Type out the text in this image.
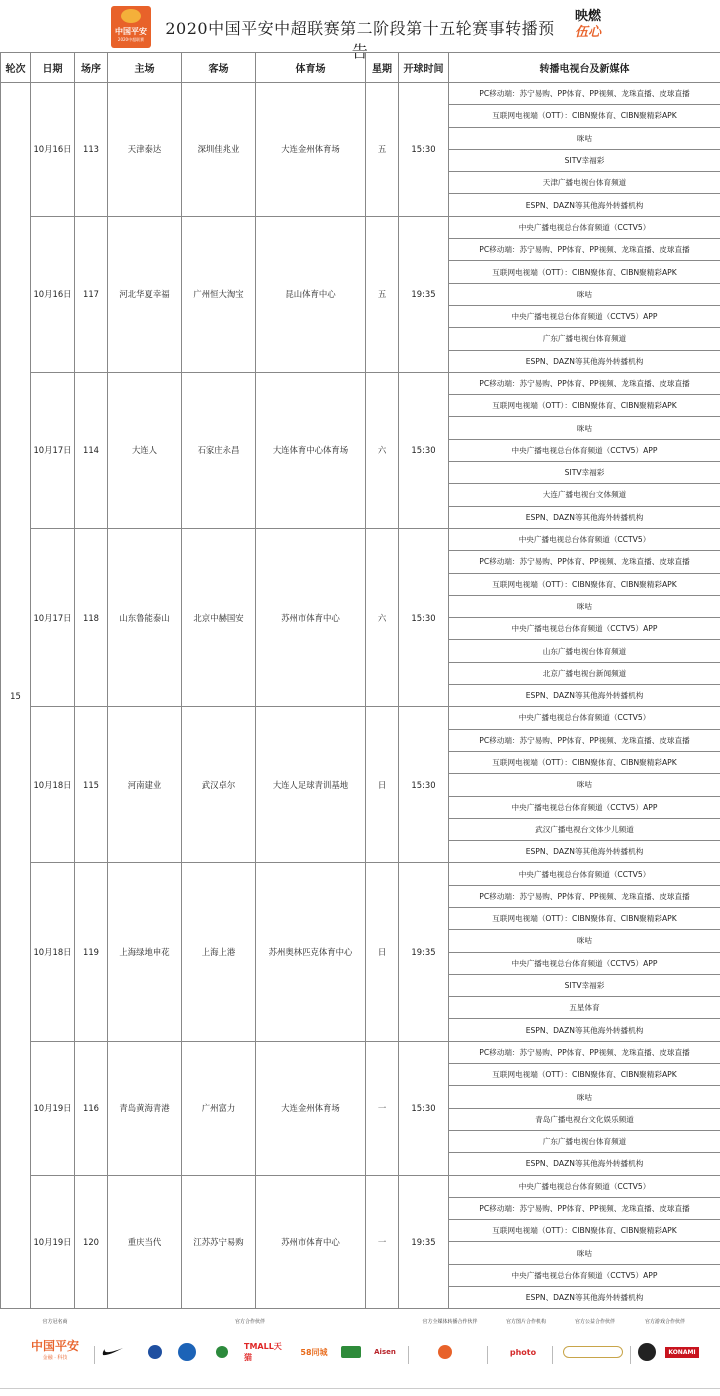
中国平安
2020中超联赛
2020中国平安中超联赛第二阶段第十五轮赛事转播预告
映燃
伍心
轮次	日期	场序	主场	客场	体育场	星期	开球时间	转播电视台及新媒体
15	10月16日	113	天津泰达	深圳佳兆业	大连金州体育场	五	15:30	PC移动端：苏宁易购、PP体育、PP视频、龙珠直播、皮球直播
								互联网电视端（OTT）：CIBN聚体育、CIBN聚精彩APK
								咪咕
								SITV幸福彩
								天津广播电视台体育频道
								ESPN、DAZN等其他海外转播机构
	10月16日	117	河北华夏幸福	广州恒大淘宝	昆山体育中心	五	19:35	中央广播电视总台体育频道（CCTV5）
								PC移动端：苏宁易购、PP体育、PP视频、龙珠直播、皮球直播
								互联网电视端（OTT）：CIBN聚体育、CIBN聚精彩APK
								咪咕
								中央广播电视总台体育频道（CCTV5）APP
								广东广播电视台体育频道
								ESPN、DAZN等其他海外转播机构
	10月17日	114	大连人	石家庄永昌	大连体育中心体育场	六	15:30	PC移动端：苏宁易购、PP体育、PP视频、龙珠直播、皮球直播
								互联网电视端（OTT）：CIBN聚体育、CIBN聚精彩APK
								咪咕
								中央广播电视总台体育频道（CCTV5）APP
								SITV幸福彩
								大连广播电视台文体频道
								ESPN、DAZN等其他海外转播机构
	10月17日	118	山东鲁能泰山	北京中赫国安	苏州市体育中心	六	15:30	中央广播电视总台体育频道（CCTV5）
								PC移动端：苏宁易购、PP体育、PP视频、龙珠直播、皮球直播
								互联网电视端（OTT）：CIBN聚体育、CIBN聚精彩APK
								咪咕
								中央广播电视总台体育频道（CCTV5）APP
								山东广播电视台体育频道
								北京广播电视台新闻频道
								ESPN、DAZN等其他海外转播机构
	10月18日	115	河南建业	武汉卓尔	大连人足球青训基地	日	15:30	中央广播电视总台体育频道（CCTV5）
								PC移动端：苏宁易购、PP体育、PP视频、龙珠直播、皮球直播
								互联网电视端（OTT）：CIBN聚体育、CIBN聚精彩APK
								咪咕
								中央广播电视总台体育频道（CCTV5）APP
								武汉广播电视台文体少儿频道
								ESPN、DAZN等其他海外转播机构
	10月18日	119	上海绿地申花	上海上港	苏州奥林匹克体育中心	日	19:35	中央广播电视总台体育频道（CCTV5）
								PC移动端：苏宁易购、PP体育、PP视频、龙珠直播、皮球直播
								互联网电视端（OTT）：CIBN聚体育、CIBN聚精彩APK
								咪咕
								中央广播电视总台体育频道（CCTV5）APP
								SITV幸福彩
								五星体育
								ESPN、DAZN等其他海外转播机构
	10月19日	116	青岛黄海青港	广州富力	大连金州体育场	一	15:30	PC移动端：苏宁易购、PP体育、PP视频、龙珠直播、皮球直播
								互联网电视端（OTT）：CIBN聚体育、CIBN聚精彩APK
								咪咕
								青岛广播电视台文化娱乐频道
								广东广播电视台体育频道
								ESPN、DAZN等其他海外转播机构
	10月19日	120	重庆当代	江苏苏宁易购	苏州市体育中心	一	19:35	中央广播电视总台体育频道（CCTV5）
								PC移动端：苏宁易购、PP体育、PP视频、龙珠直播、皮球直播
								互联网电视端（OTT）：CIBN聚体育、CIBN聚精彩APK
								咪咕
								中央广播电视总台体育频道（CCTV5）APP
								ESPN、DAZN等其他海外转播机构
官方冠名商	官方合作伙伴	官方全媒体转播合作伙伴	官方图片合作机构	官方公益合作伙伴	官方游戏合作伙伴
中国平安
金融 · 科技
TMALL天猫
58同城	Aisen	photo	KONAMI
